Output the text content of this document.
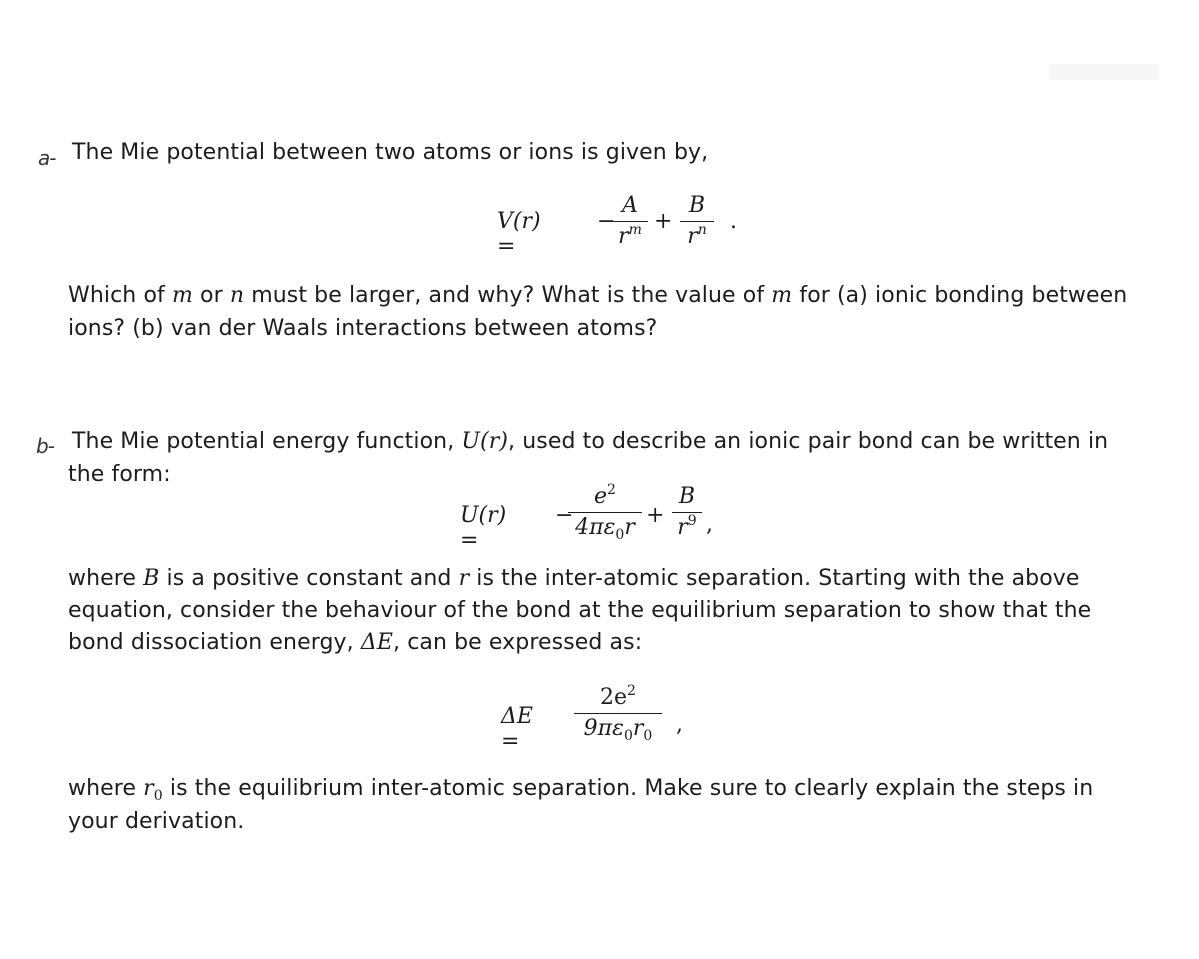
a- The Mie potential between two atoms or ions is given by,
V(r) =
−
A
$r^m$ +
B
$r^n$	.
Which of m or n must be larger, and why? What is the value of m for (a) ionic bonding between
ions? (b) van der Waals interactions between atoms?
b- The Mie potential energy function, U(r), used to describe an ionic pair bond can be written in
the form:
U(r) =
−
$e^2$
$4\pi\varepsilon_0r$ +
B
$r^9$ ,
where B is a positive constant and r is the inter-atomic separation. Starting with the above
equation, consider the behaviour of the bond at the equilibrium separation to show that the
bond dissociation energy, ΔE, can be expressed as:
ΔE =
$2e^2$
$9\pi\varepsilon_0r_0$	,
where $r_0$ is the equilibrium inter-atomic separation. Make sure to clearly explain the steps in
your derivation.
